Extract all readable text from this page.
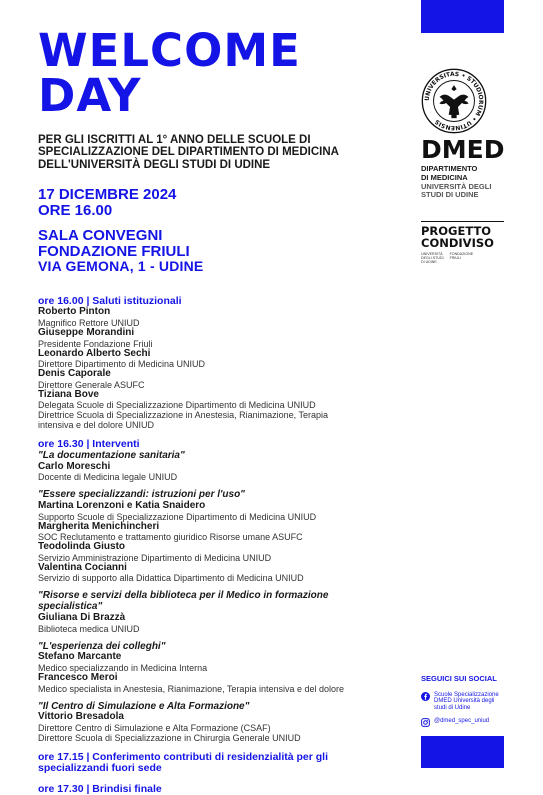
WELCOME
DAY
PER GLI ISCRITTI AL 1° ANNO DELLE SCUOLE DI
SPECIALIZZAZIONE DEL DIPARTIMENTO DI MEDICINA
DELL'UNIVERSITÀ DEGLI STUDI DI UDINE
17 DICEMBRE 2024
ORE 16.00
SALA CONVEGNI
FONDAZIONE FRIULI
VIA GEMONA, 1 - UDINE
ore 16.00 | Saluti istituzionali
Roberto Pinton
Magnifico Rettore UNIUD
Giuseppe Morandini
Presidente Fondazione Friuli
Leonardo Alberto Sechi
Direttore Dipartimento di Medicina UNIUD
Denis Caporale
Direttore Generale ASUFC
Tiziana Bove
Delegata Scuole di Specializzazione Dipartimento di Medicina UNIUD
Direttrice Scuola di Specializzazione in Anestesia, Rianimazione, Terapia
intensiva e del dolore UNIUD
ore 16.30 | Interventi
"La documentazione sanitaria"
Carlo Moreschi
Docente di Medicina legale UNIUD
"Essere specializzandi: istruzioni per l'uso"
Martina Lorenzoni e Katia Snaidero
Supporto Scuole di Specializzazione Dipartimento di Medicina UNIUD
Margherita Menichincheri
SOC Reclutamento e trattamento giuridico Risorse umane ASUFC
Teodolinda Giusto
Servizio Amministrazione Dipartimento di Medicina UNIUD
Valentina Cocianni
Servizio di supporto alla Didattica Dipartimento di Medicina UNIUD
"Risorse e servizi della biblioteca per il Medico in formazione
specialistica"
Giuliana Di Brazzà
Biblioteca medica UNIUD
"L'esperienza dei colleghi"
Stefano Marcante
Medico specializzando in Medicina Interna
Francesco Meroi
Medico specialista in Anestesia, Rianimazione, Terapia intensiva e del dolore
"Il Centro di Simulazione e Alta Formazione"
Vittorio Bresadola
Direttore Centro di Simulazione e Alta Formazione (CSAF)
Direttore Scuola di Specializzazione in Chirurgia Generale UNIUD
ore 17.15 | Conferimento contributi di residenzialità per gli
specializzandi fuori sede
ore 17.30 | Brindisi finale
UNIVERSITAS • STUDIORUM • UTINENSIS
DMED
DIPARTIMENTO
DI MEDICINA
UNIVERSITÀ DEGLI
STUDI DI UDINE
PROGETTO
CONDIVISO
UNIVERSITÀ
DEGLI STUDI
DI UDINE
FONDAZIONE
FRIULI
SEGUICI SUI SOCIAL
Scuole Specializzazione
DMED Università degli
studi di Udine
@dmed_spec_uniud
